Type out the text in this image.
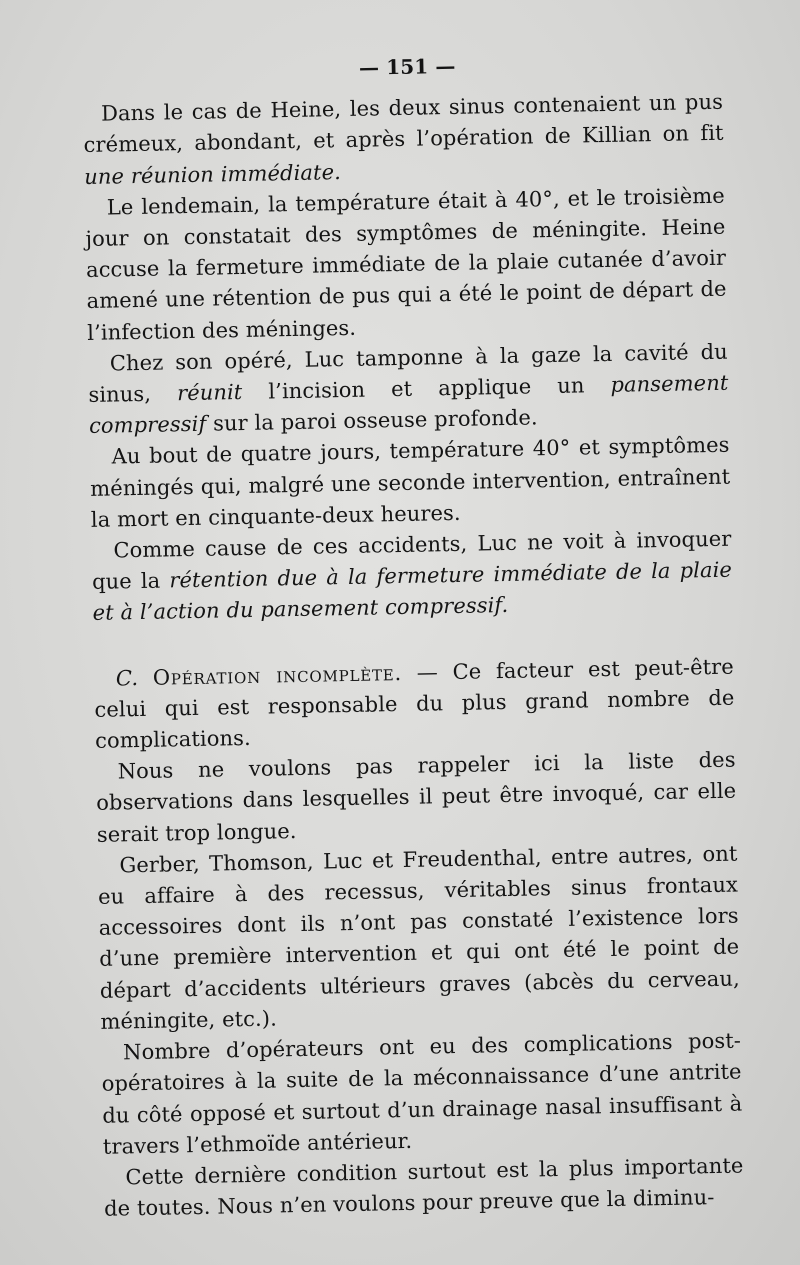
— 151 —

Dans le cas de Heine, les deux sinus contenaient un pus crémeux, abondant, et après l’opération de Killian on fit une réunion immédiate.

Le lendemain, la température était à 40°, et le troisième jour on constatait des symptômes de méningite. Heine accuse la fermeture immédiate de la plaie cutanée d’avoir amené une rétention de pus qui a été le point de départ de l’infection des méninges.

Chez son opéré, Luc tamponne à la gaze la cavité du sinus, réunit l’incision et applique un pansement compressif sur la paroi osseuse profonde.

Au bout de quatre jours, température 40° et symptômes méningés qui, malgré une seconde intervention, entraînent la mort en cinquante-deux heures.

Comme cause de ces accidents, Luc ne voit à invoquer que la rétention due à la fermeture immédiate de la plaie et à l’action du pansement compressif.

C. Opération incomplète. — Ce facteur est peut-être celui qui est responsable du plus grand nombre de complications.

Nous ne voulons pas rappeler ici la liste des observations dans lesquelles il peut être invoqué, car elle serait trop longue.

Gerber, Thomson, Luc et Freudenthal, entre autres, ont eu affaire à des recessus, véritables sinus frontaux accessoires dont ils n’ont pas constaté l’existence lors d’une première intervention et qui ont été le point de départ d’accidents ultérieurs graves (abcès du cerveau, méningite, etc.).

Nombre d’opérateurs ont eu des complications post-opératoires à la suite de la méconnaissance d’une antrite du côté opposé et surtout d’un drainage nasal insuffisant à travers l’ethmoïde antérieur.

Cette dernière condition surtout est la plus importante de toutes. Nous n’en voulons pour preuve que la diminu-
